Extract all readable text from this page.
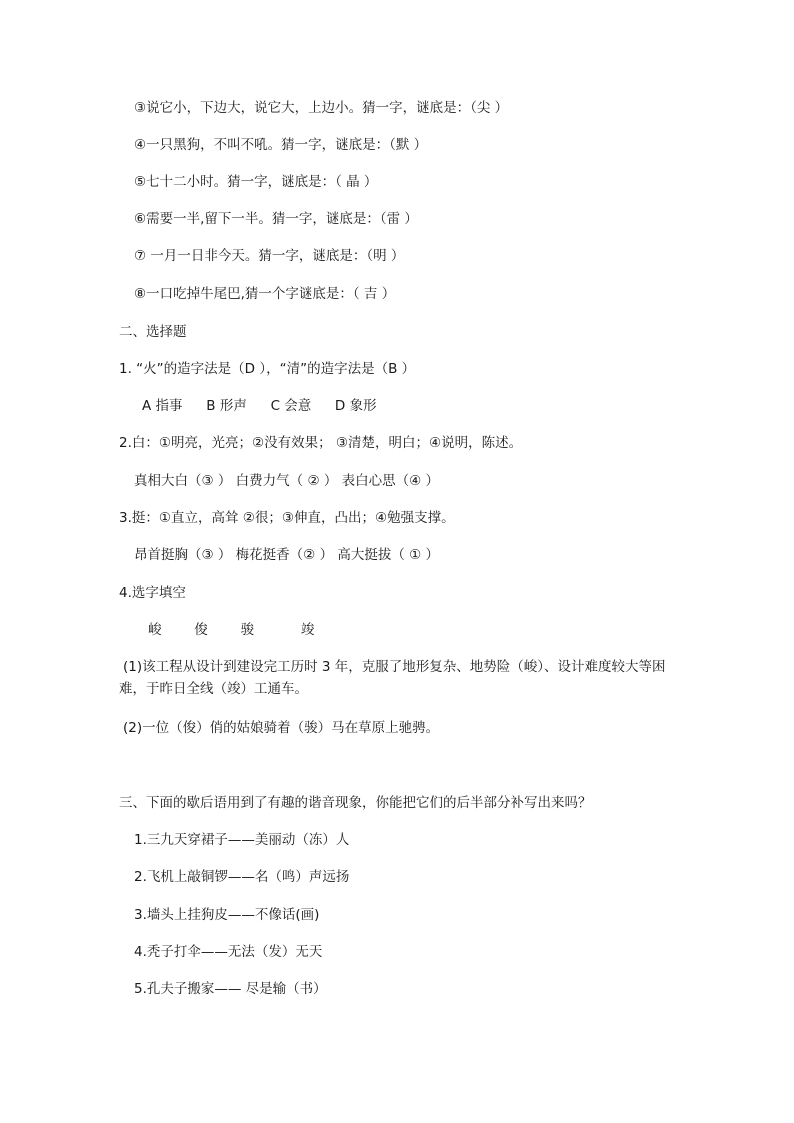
③说它小，下边大，说它大，上边小。猜一字，谜底是：（尖 ）
④一只黑狗，不叫不吼。猜一字，谜底是：（默 ）
⑤七十二小时。猜一字，谜底是：（ 晶 ）
⑥需要一半,留下一半。猜一字，谜底是：（雷 ）
⑦ 一月一日非今天。猜一字，谜底是：（明 ）
⑧一口吃掉牛尾巴,猜一个字谜底是：（ 吉 ）
二、选择题
1. “火”的造字法是（D ），“清”的造字法是（B ）
A 指事 B 形声 C 会意 D 象形
2.白：①明亮，光亮；②没有效果； ③清楚，明白；④说明，陈述。
真相大白（③ ） 白费力气（ ② ） 表白心思（④ ）
3.挺：①直立，高耸 ②很；③伸直，凸出；④勉强支撑。
昂首挺胸（③ ） 梅花挺香（② ） 高大挺拔（ ① ）
4.选字填空
峻 俊 骏	竣
(1)该工程从设计到建设完工历时 3 年，克服了地形复杂、地势险（峻）、设计难度较大等困难，于昨日全线（竣）工通车。
(2)一位（俊）俏的姑娘骑着（骏）马在草原上驰骋。
三、下面的歇后语用到了有趣的谐音现象，你能把它们的后半部分补写出来吗？
1.三九天穿裙子——美丽动（冻）人
2.飞机上敲铜锣——名（鸣）声远扬
3.墙头上挂狗皮——不像话(画)
4.秃子打伞——无法（发）无天
5.孔夫子搬家—— 尽是输（书）
